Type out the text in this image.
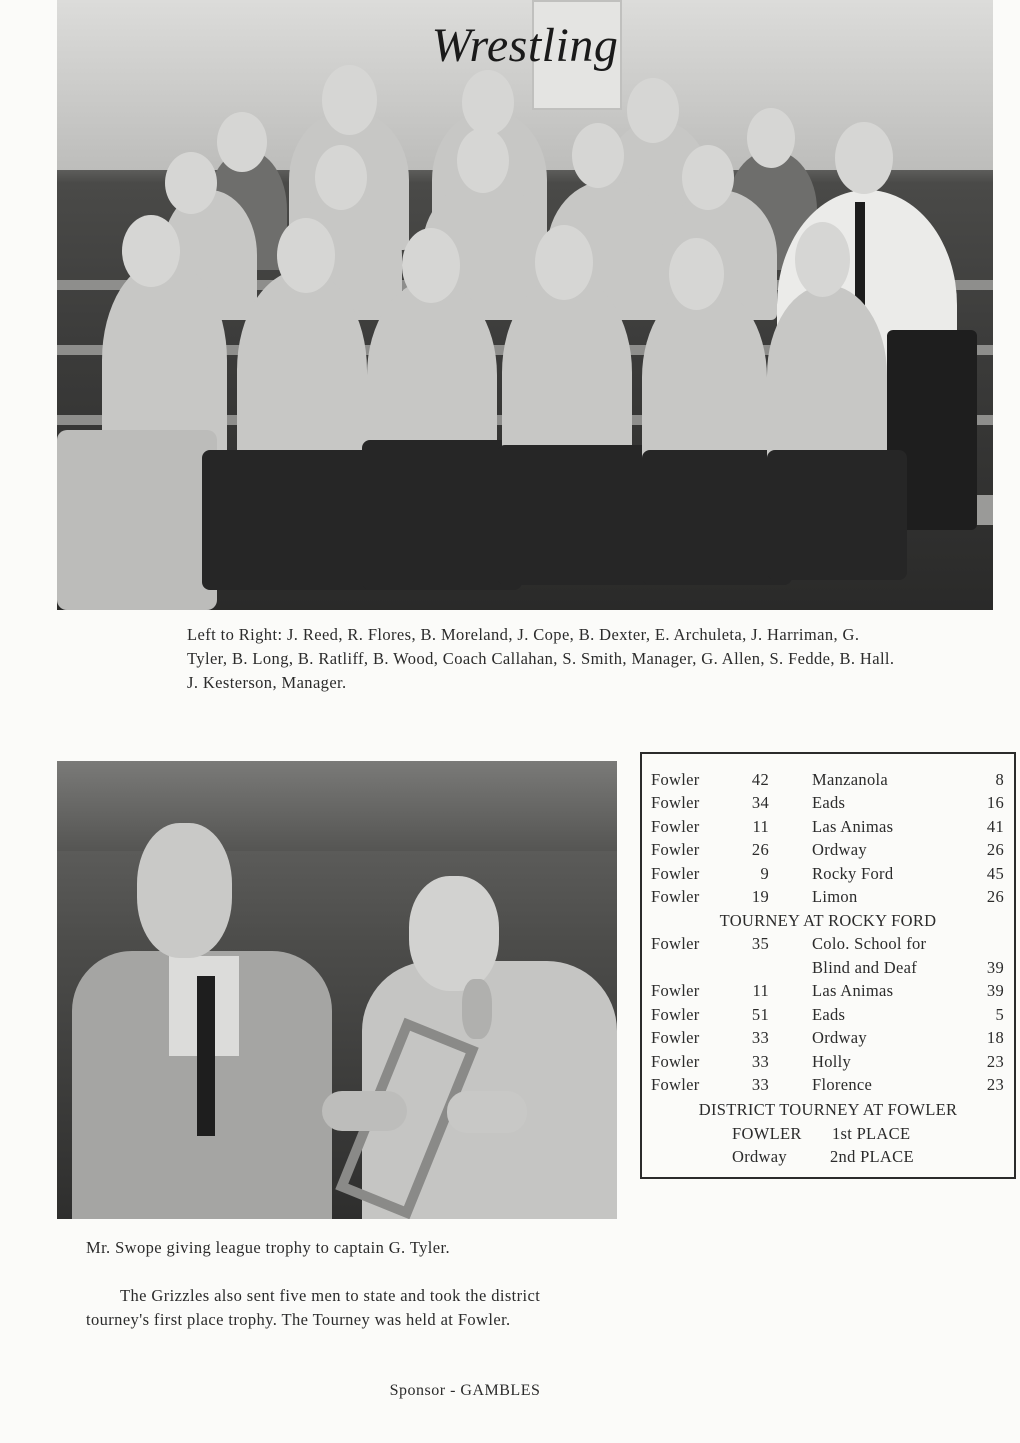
Wrestling
Left to Right: J. Reed, R. Flores, B. Moreland, J. Cope, B. Dexter, E. Archuleta, J. Harriman, G. Tyler, B. Long, B. Ratliff, B. Wood, Coach Callahan, S. Smith, Manager, G. Allen, S. Fedde, B. Hall. J. Kesterson, Manager.
Mr. Swope giving league trophy to captain G. Tyler.
The Grizzles also sent five men to state and took the district tourney's first place trophy. The Tourney was held at Fowler.
Fowler	42	Manzanola	8
Fowler	34	Eads	16
Fowler	11	Las Animas	41
Fowler	26	Ordway	26
Fowler	9	Rocky Ford	45
Fowler	19	Limon	26
TOURNEY AT ROCKY FORD
Fowler	35	Colo. School for
Blind and Deaf	39
Fowler	11	Las Animas	39
Fowler	51	Eads	5
Fowler	33	Ordway	18
Fowler	33	Holly	23
Fowler	33	Florence	23
DISTRICT TOURNEY AT FOWLER
FOWLER 1st PLACE
Ordway	2nd PLACE
Sponsor - GAMBLES
